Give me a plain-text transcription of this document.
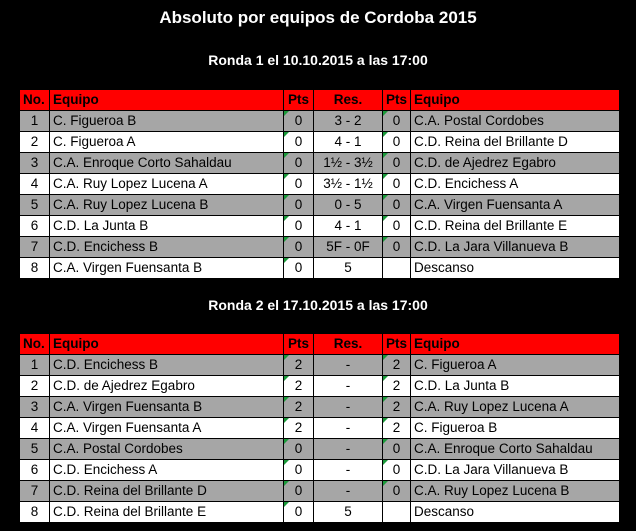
Absoluto por equipos de Cordoba 2015
Ronda 1 el 10.10.2015 a las 17:00
No.	Equipo	Pts	Res.	Pts	Equipo
1	C. Figueroa B	0	3 - 2	0	C.A. Postal Cordobes
2	C. Figueroa A	0	4 - 1	0	C.D. Reina del Brillante D
3	C.A. Enroque Corto Sahaldau	0	1½ - 3½	0	C.D. de Ajedrez Egabro
4	C.A. Ruy Lopez Lucena A	0	3½ - 1½	0	C.D. Encichess A
5	C.A. Ruy Lopez Lucena B	0	0 - 5	0	C.A. Virgen Fuensanta A
6	C.D. La Junta B	0	4 - 1	0	C.D. Reina del Brillante E
7	C.D. Encichess B	0	5F - 0F	0	C.D. La Jara Villanueva B
8	C.A. Virgen Fuensanta B	0	5		Descanso
Ronda 2 el 17.10.2015 a las 17:00
No.	Equipo	Pts	Res.	Pts	Equipo
1	C.D. Encichess B	2	-	2	C. Figueroa A
2	C.D. de Ajedrez Egabro	2	-	2	C.D. La Junta B
3	C.A. Virgen Fuensanta B	2	-	2	C.A. Ruy Lopez Lucena A
4	C.A. Virgen Fuensanta A	2	-	2	C. Figueroa B
5	C.A. Postal Cordobes	0	-	0	C.A. Enroque Corto Sahaldau
6	C.D. Encichess A	0	-	0	C.D. La Jara Villanueva B
7	C.D. Reina del Brillante D	0	-	0	C.A. Ruy Lopez Lucena B
8	C.D. Reina del Brillante E	0	5		Descanso
